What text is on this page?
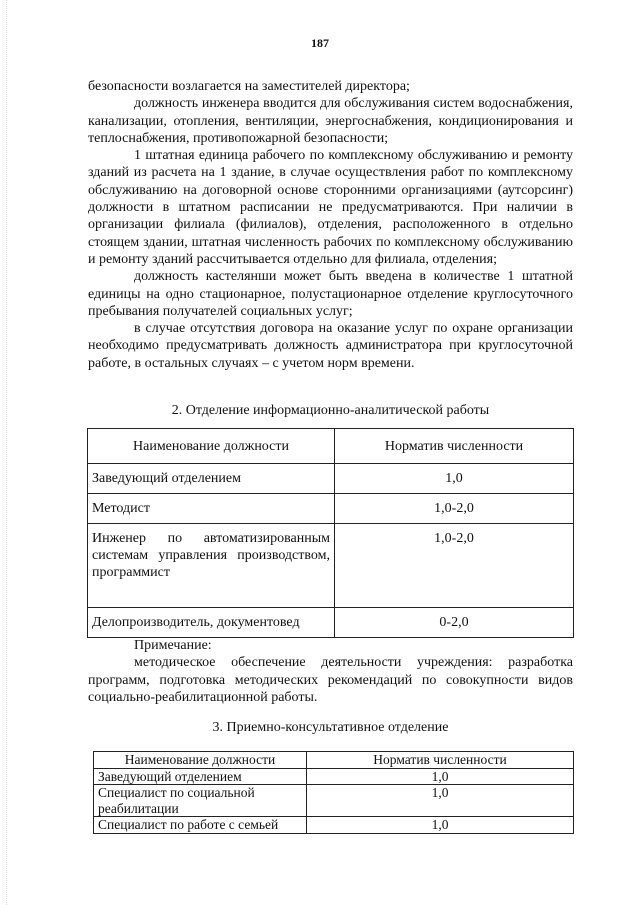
187

безопасности возлагается на заместителей директора;

должность инженера вводится для обслуживания систем водоснабжения, канализации, отопления, вентиляции, энергоснабжения, кондиционирования и теплоснабжения, противопожарной безопасности;

1 штатная единица рабочего по комплексному обслуживанию и ремонту зданий из расчета на 1 здание, в случае осуществления работ по комплексному обслуживанию на договорной основе сторонними организациями (аутсорсинг) должности в штатном расписании не предусматриваются. При наличии в организации филиала (филиалов), отделения, расположенного в отдельно стоящем здании, штатная численность рабочих по комплексному обслуживанию и ремонту зданий рассчитывается отдельно для филиала, отделения;

должность кастелянши может быть введена в количестве 1 штатной единицы на одно стационарное, полустационарное отделение круглосуточного пребывания получателей социальных услуг;

в случае отсутствия договора на оказание услуг по охране организации необходимо предусматривать должность администратора при круглосуточной работе, в остальных случаях – с учетом норм времени.

2. Отделение информационно-аналитической работы
Наименование должности	Норматив численности
Заведующий отделением	1,0
Методист	1,0-2,0
Инженер по автоматизированным системам управления производством, программист	1,0-2,0
Делопроизводитель, документовед	0-2,0

Примечание:

методическое обеспечение деятельности учреждения: разработка программ, подготовка методических рекомендаций по совокупности видов социально-реабилитационной работы.

3. Приемно-консультативное отделение
Наименование должности	Норматив численности
Заведующий отделением	1,0
Специалист по социальной реабилитации	1,0
Специалист по работе с семьей	1,0
